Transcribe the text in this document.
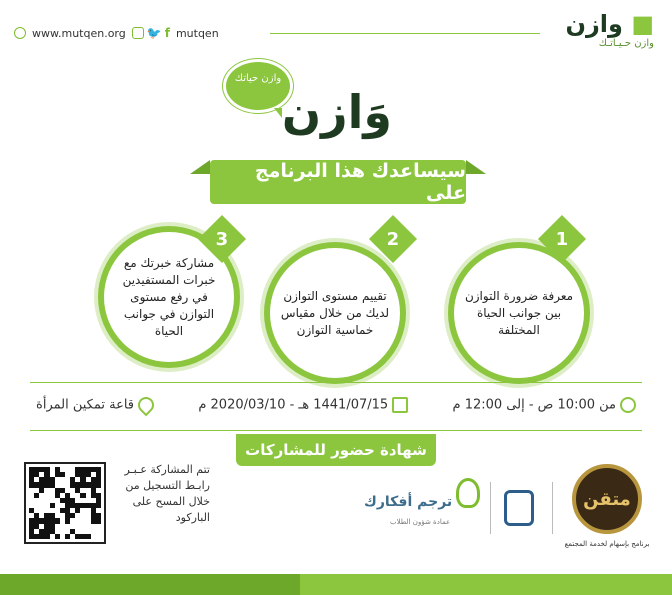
www.mutqen.org 🐦 f mutqen	■ وازن
وازن حـيـاتـك
وازن حياتك
وَازن
سيساعدك هذا البرنامج على
معرفة ضرورة التوازن بين جوانب الحياة المختلفة
1
تقييم مستوى التوازن لديك من خلال مقياس خماسية التوازن
2
مشاركة خبرتك مع خبرات المستفيدين في رفع مستوى التوازن في جوانب الحياة
3
من 10:00 ص - إلى 12:00 م
1441/07/15 هـ - 2020/03/10 م
قاعة تمكين المرأة
شهادة حضور للمشاركات
تتم المشاركة عـبـر رابـط التسجيل من خلال المسح على الباركود
ترجم أفكارك
عمادة شؤون الطلاب
متقن
برنامج بإسهام لخدمة المجتمع
